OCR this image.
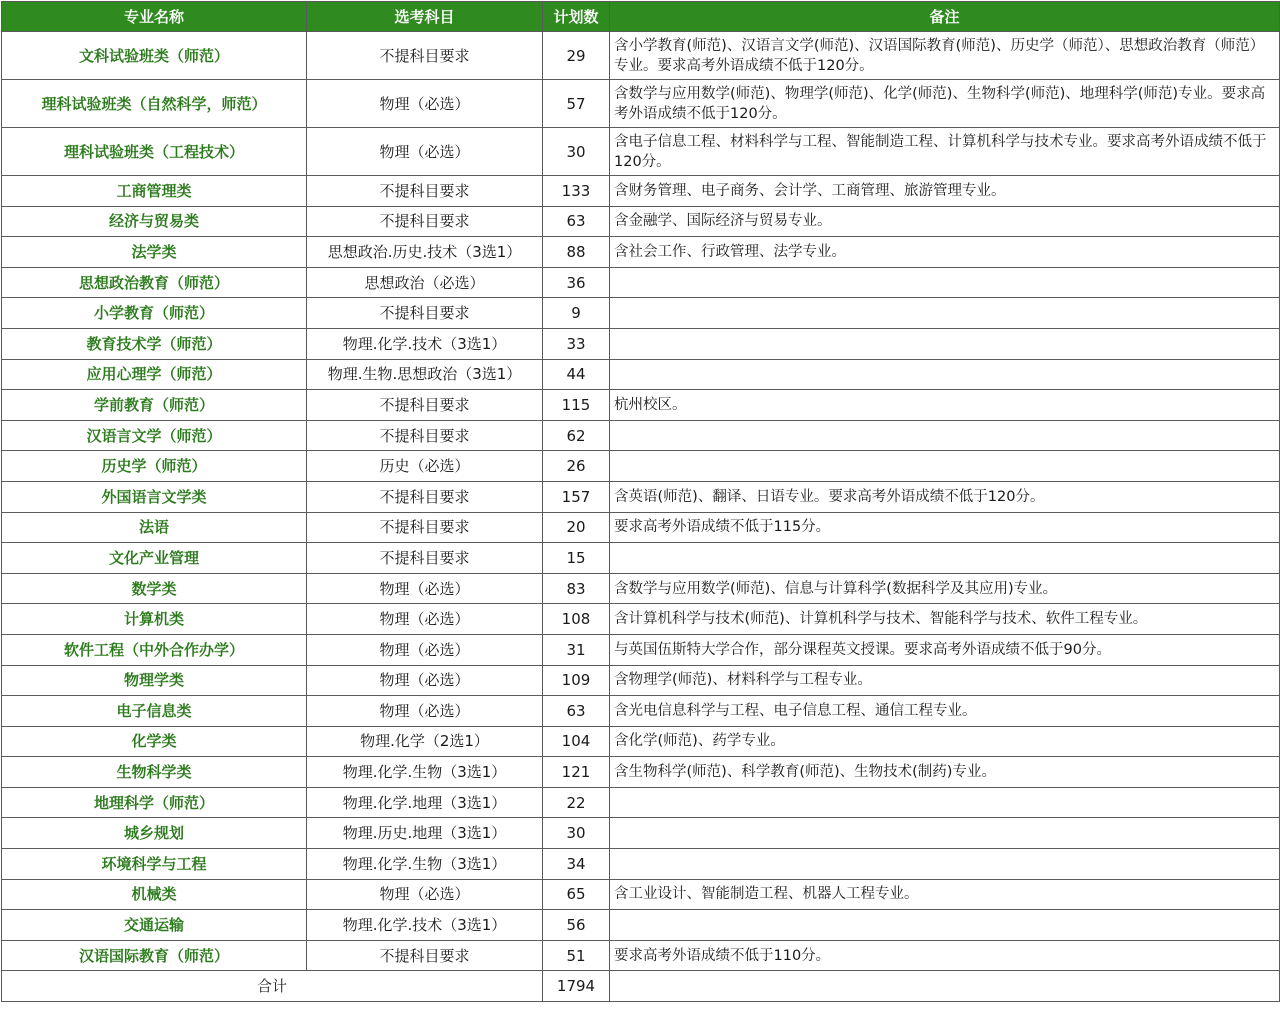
专业名称	选考科目	计划数	备注
文科试验班类（师范）	不提科目要求	29	含小学教育(师范)、汉语言文学(师范)、汉语国际教育(师范)、历史学（师范）、思想政治教育（师范）专业。要求高考外语成绩不低于120分。
理科试验班类（自然科学，师范）	物理（必选）	57	含数学与应用数学(师范)、物理学(师范)、化学(师范)、生物科学(师范)、地理科学(师范)专业。要求高考外语成绩不低于120分。
理科试验班类（工程技术）	物理（必选）	30	含电子信息工程、材料科学与工程、智能制造工程、计算机科学与技术专业。要求高考外语成绩不低于120分。
工商管理类	不提科目要求	133	含财务管理、电子商务、会计学、工商管理、旅游管理专业。
经济与贸易类	不提科目要求	63	含金融学、国际经济与贸易专业。
法学类	思想政治.历史.技术（3选1）	88	含社会工作、行政管理、法学专业。
思想政治教育（师范）	思想政治（必选）	36	
小学教育（师范）	不提科目要求	9	
教育技术学（师范）	物理.化学.技术（3选1）	33	
应用心理学（师范）	物理.生物.思想政治（3选1）	44	
学前教育（师范）	不提科目要求	115	杭州校区。
汉语言文学（师范）	不提科目要求	62	
历史学（师范）	历史（必选）	26	
外国语言文学类	不提科目要求	157	含英语(师范)、翻译、日语专业。要求高考外语成绩不低于120分。
法语	不提科目要求	20	要求高考外语成绩不低于115分。
文化产业管理	不提科目要求	15	
数学类	物理（必选）	83	含数学与应用数学(师范)、信息与计算科学(数据科学及其应用)专业。
计算机类	物理（必选）	108	含计算机科学与技术(师范)、计算机科学与技术、智能科学与技术、软件工程专业。
软件工程（中外合作办学）	物理（必选）	31	与英国伍斯特大学合作，部分课程英文授课。要求高考外语成绩不低于90分。
物理学类	物理（必选）	109	含物理学(师范)、材料科学与工程专业。
电子信息类	物理（必选）	63	含光电信息科学与工程、电子信息工程、通信工程专业。
化学类	物理.化学（2选1）	104	含化学(师范)、药学专业。
生物科学类	物理.化学.生物（3选1）	121	含生物科学(师范)、科学教育(师范)、生物技术(制药)专业。
地理科学（师范）	物理.化学.地理（3选1）	22	
城乡规划	物理.历史.地理（3选1）	30	
环境科学与工程	物理.化学.生物（3选1）	34	
机械类	物理（必选）	65	含工业设计、智能制造工程、机器人工程专业。
交通运输	物理.化学.技术（3选1）	56	
汉语国际教育（师范）	不提科目要求	51	要求高考外语成绩不低于110分。
合计		1794	
